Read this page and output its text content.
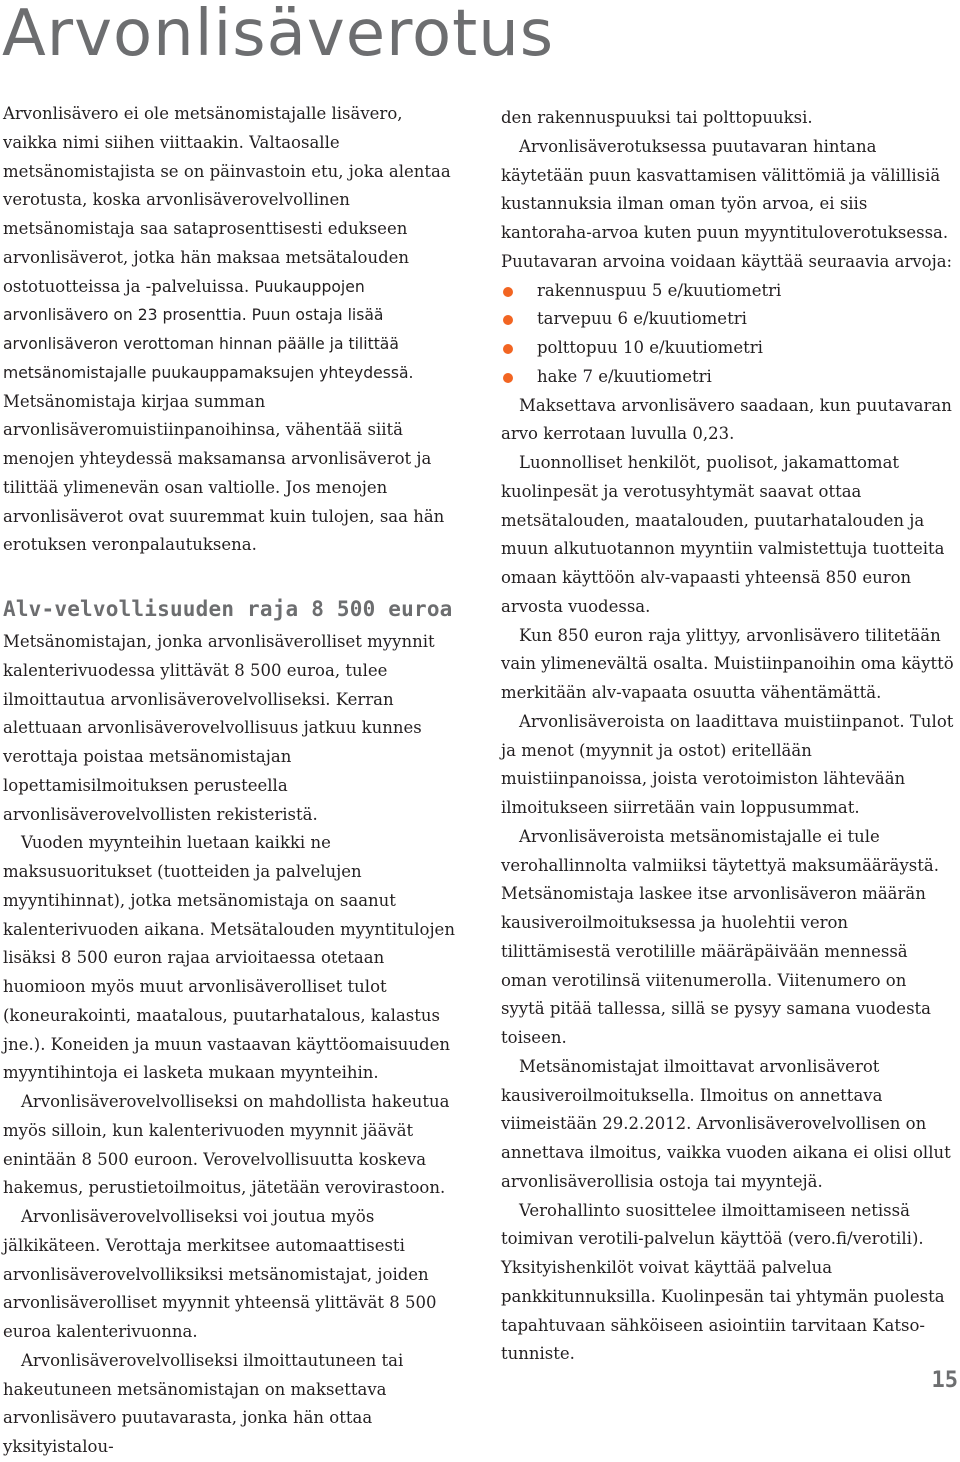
Arvonlisäverotus

Arvonlisävero ei ole metsänomistajalle lisävero, vaikka nimi siihen viittaakin. Valtaosalle metsänomistajista se on päinvastoin etu, joka alentaa verotusta, koska arvonlisäverovelvollinen metsänomistaja saa sataprosenttisesti edukseen arvonlisäverot, jotka hän maksaa metsätalouden ostotuotteissa ja -palveluissa. Puukauppojen arvonlisävero on 23 prosenttia. Puun ostaja lisää arvonlisäveron verottoman hinnan päälle ja tilittää metsänomistajalle puukauppamaksujen yhteydessä. Metsänomistaja kirjaa summan arvonlisäveromuistiinpanoihinsa, vähentää siitä menojen yhteydessä maksamansa arvonlisäverot ja tilittää ylimenevän osan valtiolle. Jos menojen arvonlisäverot ovat suuremmat kuin tulojen, saa hän erotuksen veronpalautuksena.

Alv-velvollisuuden raja 8 500 euroa

Metsänomistajan, jonka arvonlisäverolliset myynnit kalenterivuodessa ylittävät 8 500 euroa, tulee ilmoittautua arvonlisäverovelvolliseksi. Kerran alettuaan arvonlisäverovelvollisuus jatkuu kunnes verottaja poistaa metsänomistajan lopettamisilmoituksen perusteella arvonlisäverovelvollisten rekisteristä.

Vuoden myynteihin luetaan kaikki ne maksusuoritukset (tuotteiden ja palvelujen myyntihinnat), jotka metsänomistaja on saanut kalenterivuoden aikana. Metsätalouden myyntitulojen lisäksi 8 500 euron rajaa arvioitaessa otetaan huomioon myös muut arvonlisäverolliset tulot (koneurakointi, maatalous, puutarhatalous, kalastus jne.). Koneiden ja muun vastaavan käyttöomaisuuden myyntihintoja ei lasketa mukaan myynteihin.

Arvonlisäverovelvolliseksi on mahdollista hakeutua myös silloin, kun kalenterivuoden myynnit jäävät enintään 8 500 euroon. Verovelvollisuutta koskeva hakemus, perustietoilmoitus, jätetään verovirastoon.

Arvonlisäverovelvolliseksi voi joutua myös jälkikäteen. Verottaja merkitsee automaattisesti arvonlisäverovelvolliksiksi metsänomistajat, joiden arvonlisäverolliset myynnit yhteensä ylittävät 8 500 euroa kalenterivuonna.

Arvonlisäverovelvolliseksi ilmoittautuneen tai hakeutuneen metsänomistajan on maksettava arvonlisävero puutavarasta, jonka hän ottaa yksityistalou-

den rakennuspuuksi tai polttopuuksi.

Arvonlisäverotuksessa puutavaran hintana käytetään puun kasvattamisen välittömiä ja välillisiä kustannuksia ilman oman työn arvoa, ei siis kantoraha-arvoa kuten puun myyntituloverotuksessa. Puutavaran arvoina voidaan käyttää seuraavia arvoja:

rakennuspuu 5 e/kuutiometri
tarvepuu 6 e/kuutiometri
polttopuu 10 e/kuutiometri
hake 7 e/kuutiometri

Maksettava arvonlisävero saadaan, kun puutavaran arvo kerrotaan luvulla 0,23.

Luonnolliset henkilöt, puolisot, jakamattomat kuolinpesät ja verotusyhtymät saavat ottaa metsätalouden, maatalouden, puutarhatalouden ja muun alkutuotannon myyntiin valmistettuja tuotteita omaan käyttöön alv-vapaasti yhteensä 850 euron arvosta vuodessa.

Kun 850 euron raja ylittyy, arvonlisävero tilitetään vain ylimenevältä osalta. Muistiinpanoihin oma käyttö merkitään alv-vapaata osuutta vähentämättä.

Arvonlisäveroista on laadittava muistiinpanot. Tulot ja menot (myynnit ja ostot) eritellään muistiinpanoissa, joista verotoimiston lähtevään ilmoitukseen siirretään vain loppusummat.

Arvonlisäveroista metsänomistajalle ei tule verohallinnolta valmiiksi täytettyä maksumääräystä. Metsänomistaja laskee itse arvonlisäveron määrän kausiveroilmoituksessa ja huolehtii veron tilittämisestä verotilille määräpäivään mennessä oman verotilinsä viitenumerolla. Viitenumero on syytä pitää tallessa, sillä se pysyy samana vuodesta toiseen.

Metsänomistajat ilmoittavat arvonlisäverot kausiveroilmoituksella. Ilmoitus on annettava viimeistään 29.2.2012. Arvonlisäverovelvollisen on annettava ilmoitus, vaikka vuoden aikana ei olisi ollut arvonlisäverollisia ostoja tai myyntejä.

Verohallinto suosittelee ilmoittamiseen netissä toimivan verotili-palvelun käyttöä (vero.fi/verotili). Yksityishenkilöt voivat käyttää palvelua pankkitunnuksilla. Kuolinpesän tai yhtymän puolesta tapahtuvaan sähköiseen asiointiin tarvitaan Katso-tunniste.

15
